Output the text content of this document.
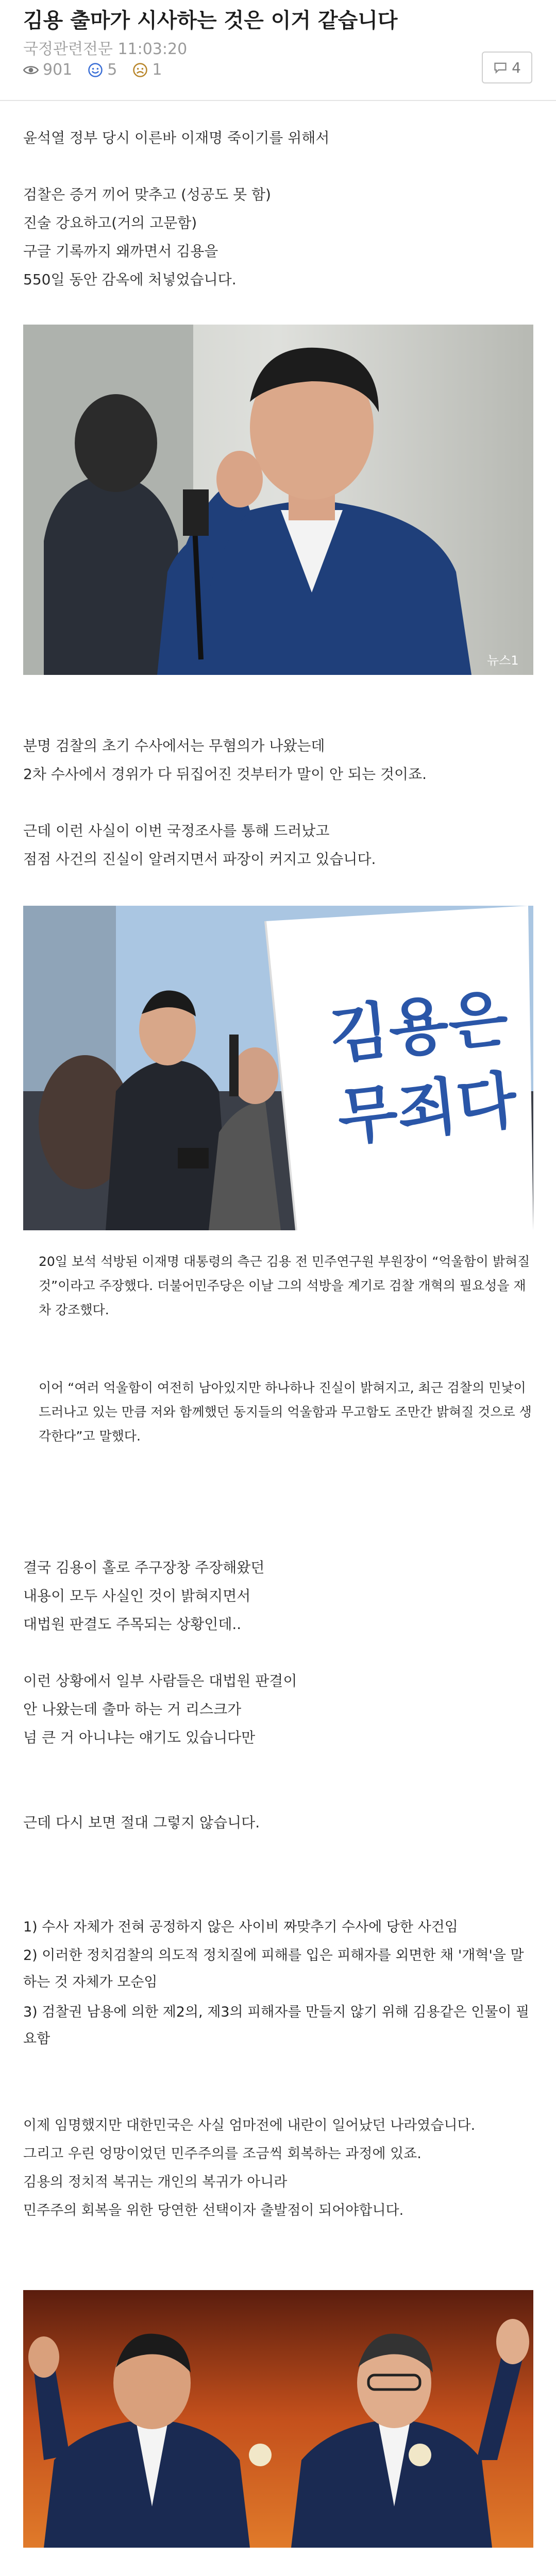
김용 출마가 시사하는 것은 이거 같습니다
국정관련전문 11:03:20
901 5 1	4
윤석열 정부 당시 이른바 이재명 죽이기를 위해서

검찰은 증거 끼어 맞추고 (성공도 못 함)
진술 강요하고(거의 고문함)
구글 기록까지 왜까면서 김용을
550일 동안 감옥에 처넣었습니다.
뉴스1
분명 검찰의 초기 수사에서는 무혐의가 나왔는데
2차 수사에서 경위가 다 뒤집어진 것부터가 말이 안 되는 것이죠.

근데 이런 사실이 이번 국정조사를 통해 드러났고
점점 사건의 진실이 알려지면서 파장이 커지고 있습니다.
김용은 무죄다
20일 보석 석방된 이재명 대통령의 측근 김용 전 민주연구원 부원장이 “억울함이 밝혀질 것”이라고 주장했다. 더불어민주당은 이날 그의 석방을 계기로 검찰 개혁의 필요성을 재차 강조했다.
이어 “여러 억울함이 여전히 남아있지만 하나하나 진실이 밝혀지고, 최근 검찰의 민낯이 드러나고 있는 만큼 저와 함께했던 동지들의 억울함과 무고함도 조만간 밝혀질 것으로 생각한다”고 말했다.
결국 김용이 홀로 주구장창 주장해왔던
내용이 모두 사실인 것이 밝혀지면서
대법원 판결도 주목되는 상황인데..

이런 상황에서 일부 사람들은 대법원 판결이
안 나왔는데 출마 하는 거 리스크가
넘 큰 거 아니냐는 얘기도 있습니다만

근데 다시 보면 절대 그렇지 않습니다.
1) 수사 자체가 전혀 공정하지 않은 사이비 짜맞추기 수사에 당한 사건임
2) 이러한 정치검찰의 의도적 정치질에 피해를 입은 피해자를 외면한 채 '개혁'을 말하는 것 자체가 모순임
3) 검찰권 남용에 의한 제2의, 제3의 피해자를 만들지 않기 위해 김용같은 인물이 필요함
이제 임명했지만 대한민국은 사실 엄마전에 내란이 일어났던 나라였습니다.
그리고 우린 엉망이었던 민주주의를 조금씩 회복하는 과정에 있죠.
김용의 정치적 복귀는 개인의 복귀가 아니라
민주주의 회복을 위한 당연한 선택이자 출발점이 되어야합니다.
